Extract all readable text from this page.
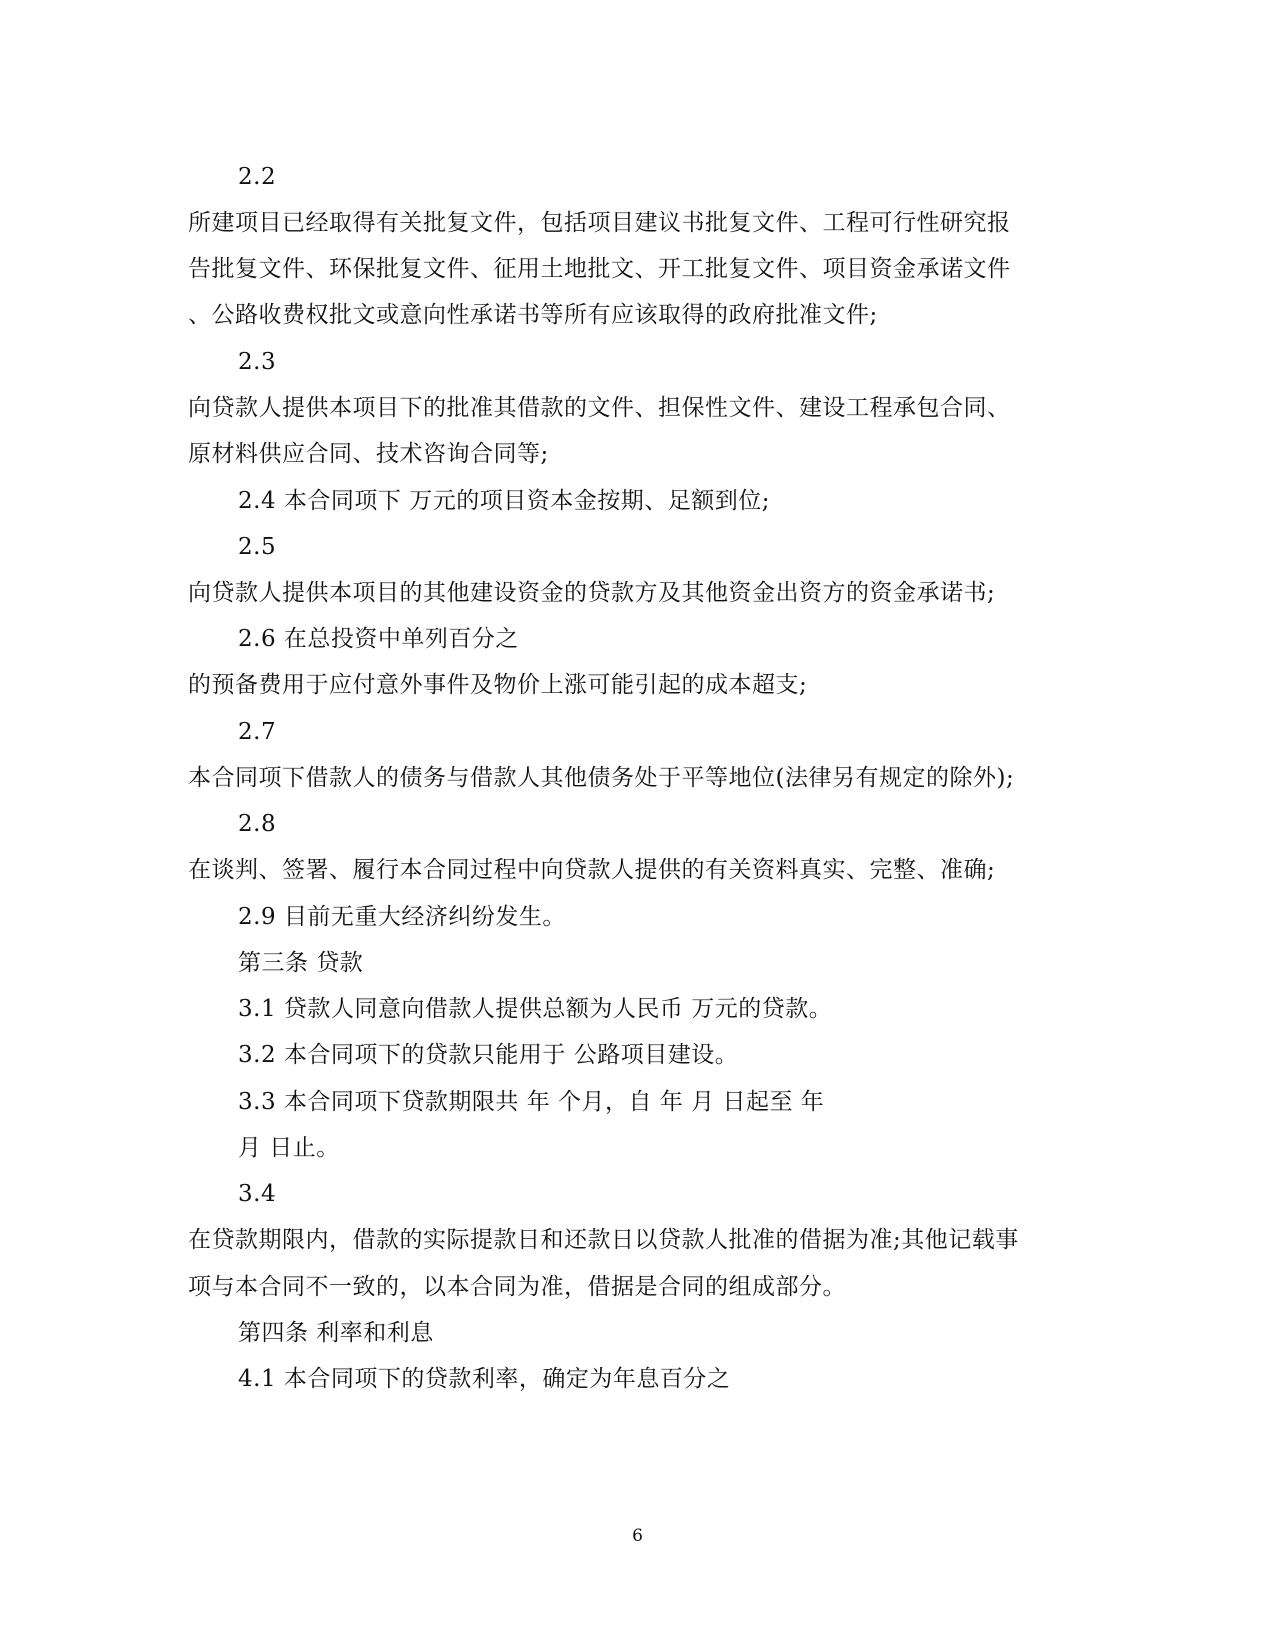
2.2
所建项目已经取得有关批复文件，包括项目建议书批复文件、工程可行性研究报
告批复文件、环保批复文件、征用土地批文、开工批复文件、项目资金承诺文件
、公路收费权批文或意向性承诺书等所有应该取得的政府批准文件;
2.3
向贷款人提供本项目下的批准其借款的文件、担保性文件、建设工程承包合同、
原材料供应合同、技术咨询合同等;
2.4 本合同项下 万元的项目资本金按期、足额到位;
2.5
向贷款人提供本项目的其他建设资金的贷款方及其他资金出资方的资金承诺书;
2.6 在总投资中单列百分之
的预备费用于应付意外事件及物价上涨可能引起的成本超支;
2.7
本合同项下借款人的债务与借款人其他债务处于平等地位(法律另有规定的除外);
2.8
在谈判、签署、履行本合同过程中向贷款人提供的有关资料真实、完整、准确;
2.9 目前无重大经济纠纷发生。
第三条 贷款
3.1 贷款人同意向借款人提供总额为人民币 万元的贷款。
3.2 本合同项下的贷款只能用于 公路项目建设。
3.3 本合同项下贷款期限共 年 个月，自 年 月 日起至 年
月 日止。
3.4
在贷款期限内，借款的实际提款日和还款日以贷款人批准的借据为准;其他记载事
项与本合同不一致的，以本合同为准，借据是合同的组成部分。
第四条 利率和利息
4.1 本合同项下的贷款利率，确定为年息百分之
6
